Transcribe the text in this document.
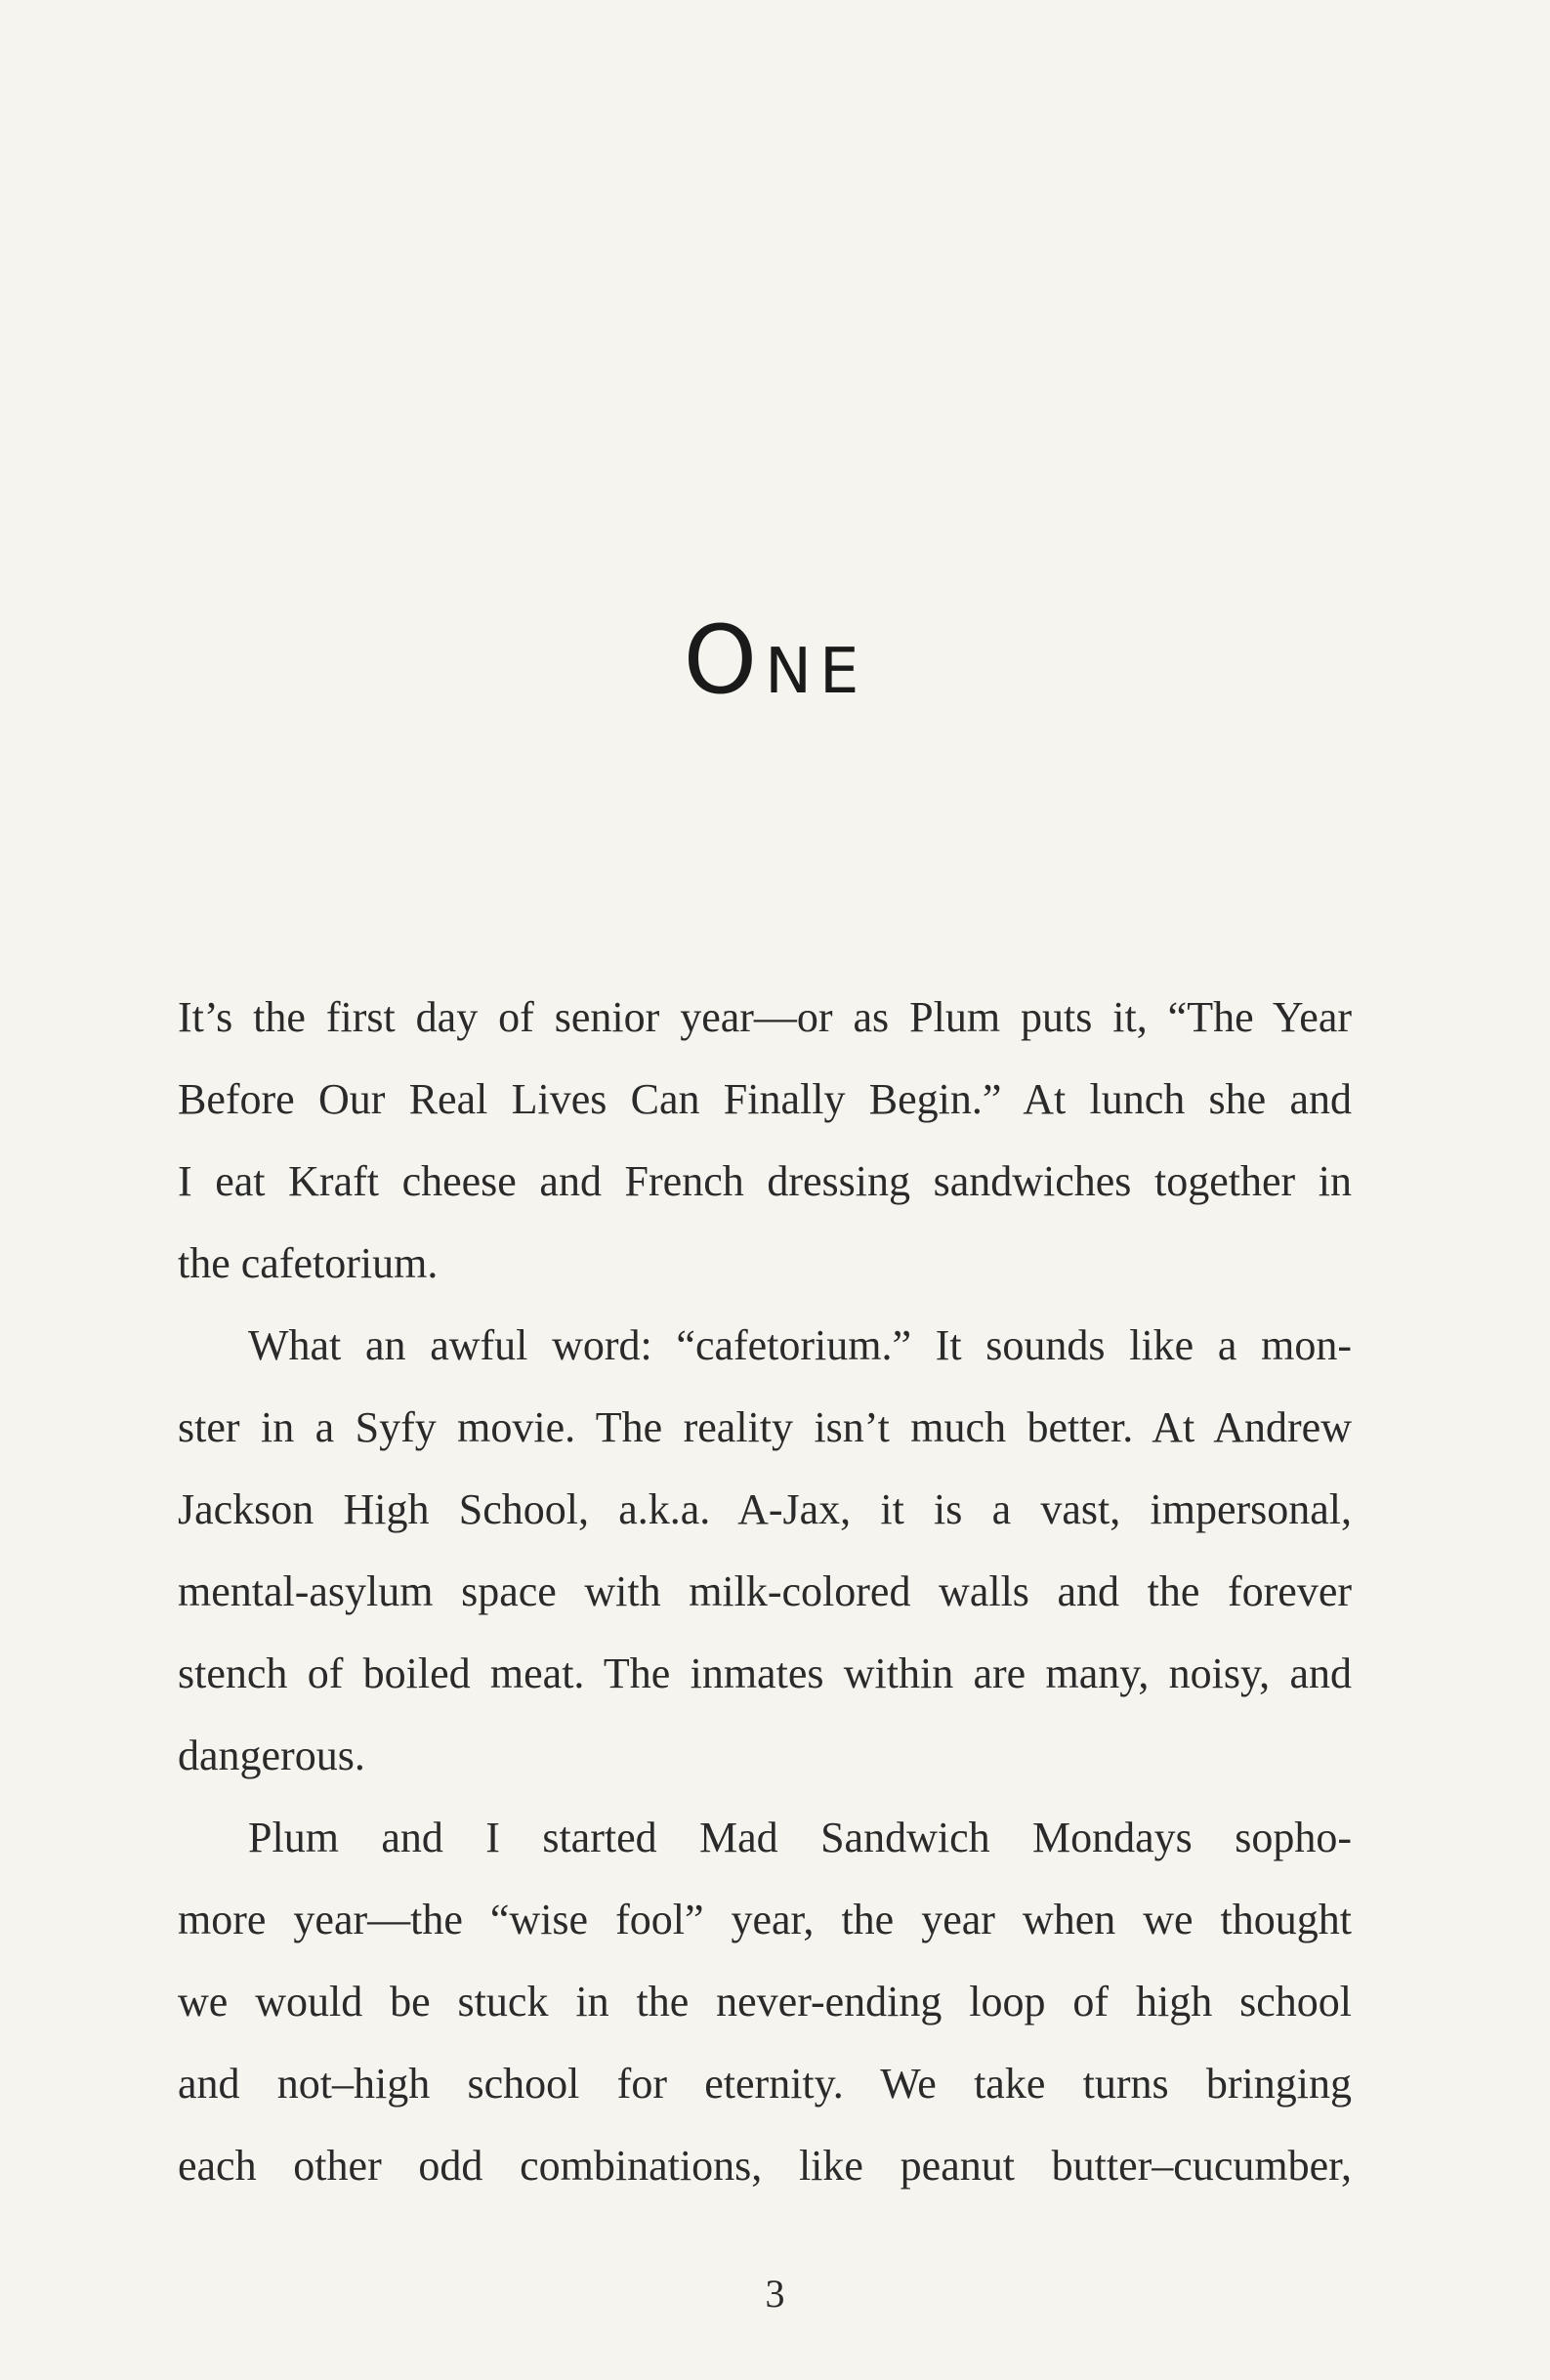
ONE
It’s the first day of senior year—or as Plum puts it, “The Year
Before Our Real Lives Can Finally Begin.” At lunch she and
I eat Kraft cheese and French dressing sandwiches together in
the cafetorium.
What an awful word: “cafetorium.” It sounds like a mon-
ster in a Syfy movie. The reality isn’t much better. At Andrew
Jackson High School, a.k.a. A-Jax, it is a vast, impersonal,
mental-asylum space with milk-colored walls and the forever
stench of boiled meat. The inmates within are many, noisy, and
dangerous.
Plum and I started Mad Sandwich Mondays sopho-
more year—the “wise fool” year, the year when we thought
we would be stuck in the never-ending loop of high school
and not–high school for eternity. We take turns bringing
each other odd combinations, like peanut butter–cucumber,
3
